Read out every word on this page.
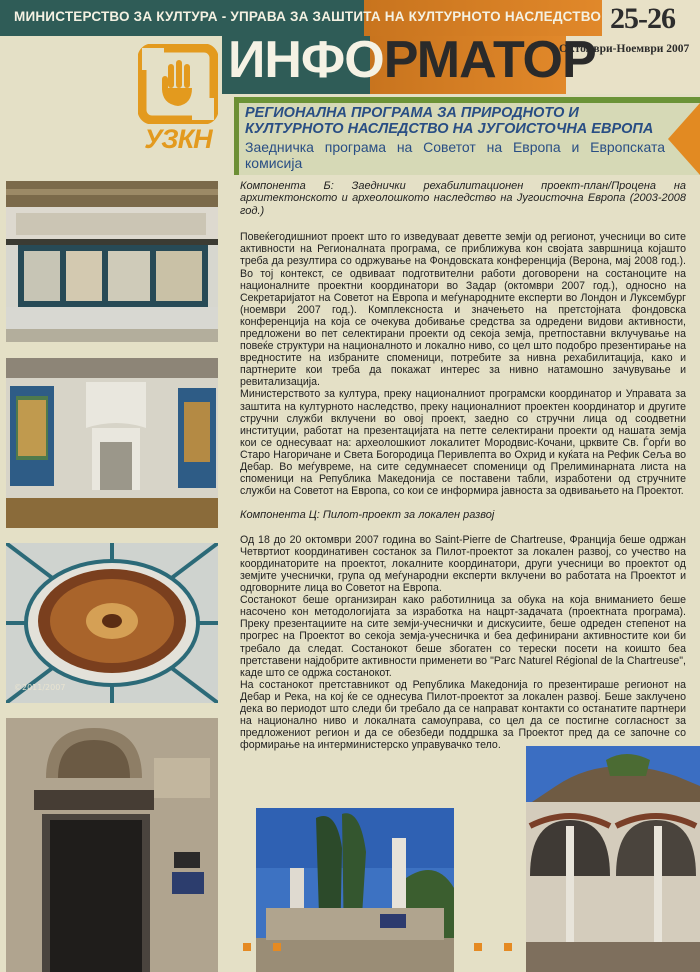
МИНИСТЕРСТВО ЗА КУЛТУРА - УПРАВА ЗА ЗАШТИТА НА КУЛТУРНОТО НАСЛЕДСТВО 25-26
ИНФОРМАТОР
Октомври-Ноември 2007
УЗКН
РЕГИОНАЛНА ПРОГРАМА ЗА ПРИРОДНОТО И КУЛТУРНОТО НАСЛЕДСТВО НА ЈУГОИСТОЧНА ЕВРОПА
Заедничка програма на Советот на Европа и Европската комисија
©2011/2007

Компонента Б: Заеднички рехабилитационен проект-план/Процена на архитектонското и археолошкото наследство на Југоисточна Европа (2003-2008 год.)

Повеќегодишниот проект што го изведуваат деветте земји од регионот, учесници во сите активности на Регионалната програма, се приближува кон својата завршница којашто треба да резултира со одржување на Фондовската конференција (Верона, мај 2008 год.). Во тој контекст, се одвиваат подготвителни работи договорени на состаноците на националните проектни координатори во Задар (октомври 2007 год.), односно на Секретаријатот на Советот на Европа и меѓународните експерти во Лондон и Луксембург (ноември 2007 год.). Комплексноста и значењето на претстојната фондовска конференција на која се очекува добивање средства за одредени видови активности, предложени во пет селектирани проекти од секоја земја, претпоставни вклучување на повеќе структури на националното и локално ниво, со цел што подобро презентирање на вредностите на избраните споменици, потребите за нивна рехабилитација, како и партнерите кои треба да покажат интерес за нивно натамошно зачувување и ревитализација.

Министерството за култура, преку националниот програмски координатор и Управата за заштита на културното наследство, преку националниот проектен координатор и другите стручни служби вклучени во овој проект, заедно со стручни лица од соодветни институции, работат на презентацијата на петте селектирани проекти од нашата земја кои се однесуваат на: археолошкиот локалитет Мородвис-Кочани, црквите Св. Ѓорѓи во Старо Нагоричане и Света Богородица Перивлепта во Охрид и куќата на Рефик Сеља во Дебар. Во меѓувреме, на сите седумнаесет споменици од Прелиминарната листа на споменици на Република Македонија се поставени табли, изработени од стручните служби на Советот на Европа, со кои се информира јавноста за одвивањето на Проектот.

Компонента Ц: Пилот-проект за локален развој

Од 18 до 20 октомври 2007 година во Saint-Pierre de Chartreuse, Франција беше одржан Четвртиот координативен состанок за Пилот-проектот за локален развој, со учество на координаторите на проектот, локалните координатори, други учесници во проектот од земјите учеснички, група од меѓународни експерти вклучени во работата на Проектот и одговорните лица во Советот на Европа.

Состанокот беше организиран како работилница за обука на која вниманието беше насочено кон методологијата за изработка на нацрт-задачата (проектната програма). Преку презентациите на сите земји-учеснички и дискусиите, беше одреден степенот на прогрес на Проектот во секоја земја-учесничка и беа дефинирани активностите кои би требало да следат. Состанокот беше збогатен со терески посети на коишто беа претставени најдобрите активности применети во "Parc Naturel Régional de la Chartreuse", каде што се одржа состанокот.

На состанокот претставникот од Република Македонија го презентираше регионот на Дебар и Река, на кој ќе се однесува Пилот-проектот за локален развој. Беше заклучено дека во периодот што следи би требало да се направат контакти со останатите партнери на национално ниво и локалната самоуправа, со цел да се постигне согласност за предложениот регион и да се обезбеди поддршка за Проектот пред да се започне со формирање на интерминистерско управувачко тело.
